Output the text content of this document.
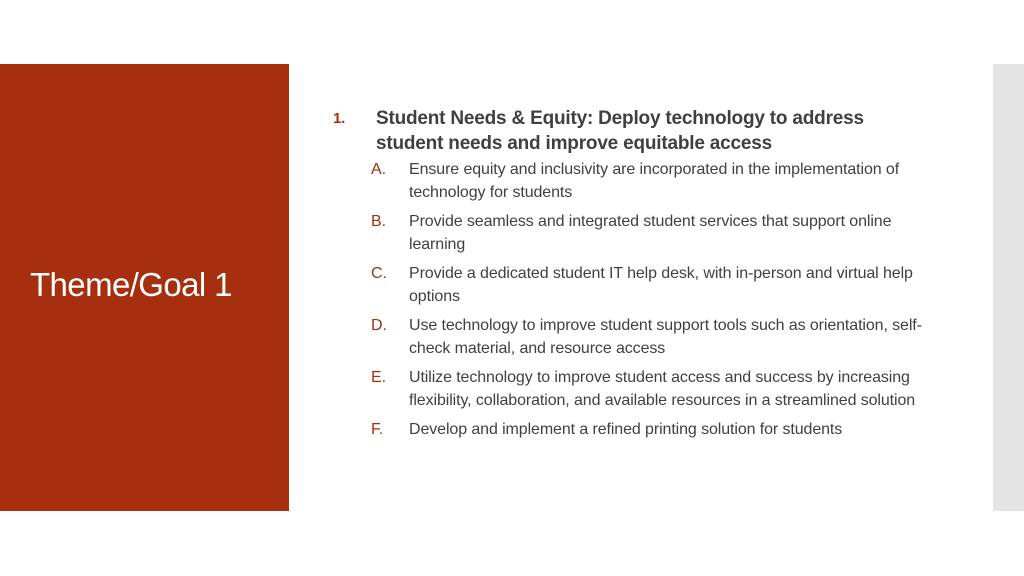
Theme/Goal 1
1. Student Needs & Equity: Deploy technology to address student needs and improve equitable access
A. Ensure equity and inclusivity are incorporated in the implementation of technology for students
B. Provide seamless and integrated student services that support online learning
C. Provide a dedicated student IT help desk, with in-person and virtual help options
D. Use technology to improve student support tools such as orientation, self-check material, and resource access
E. Utilize technology to improve student access and success by increasing flexibility, collaboration, and available resources in a streamlined solution
F. Develop and implement a refined printing solution for students
